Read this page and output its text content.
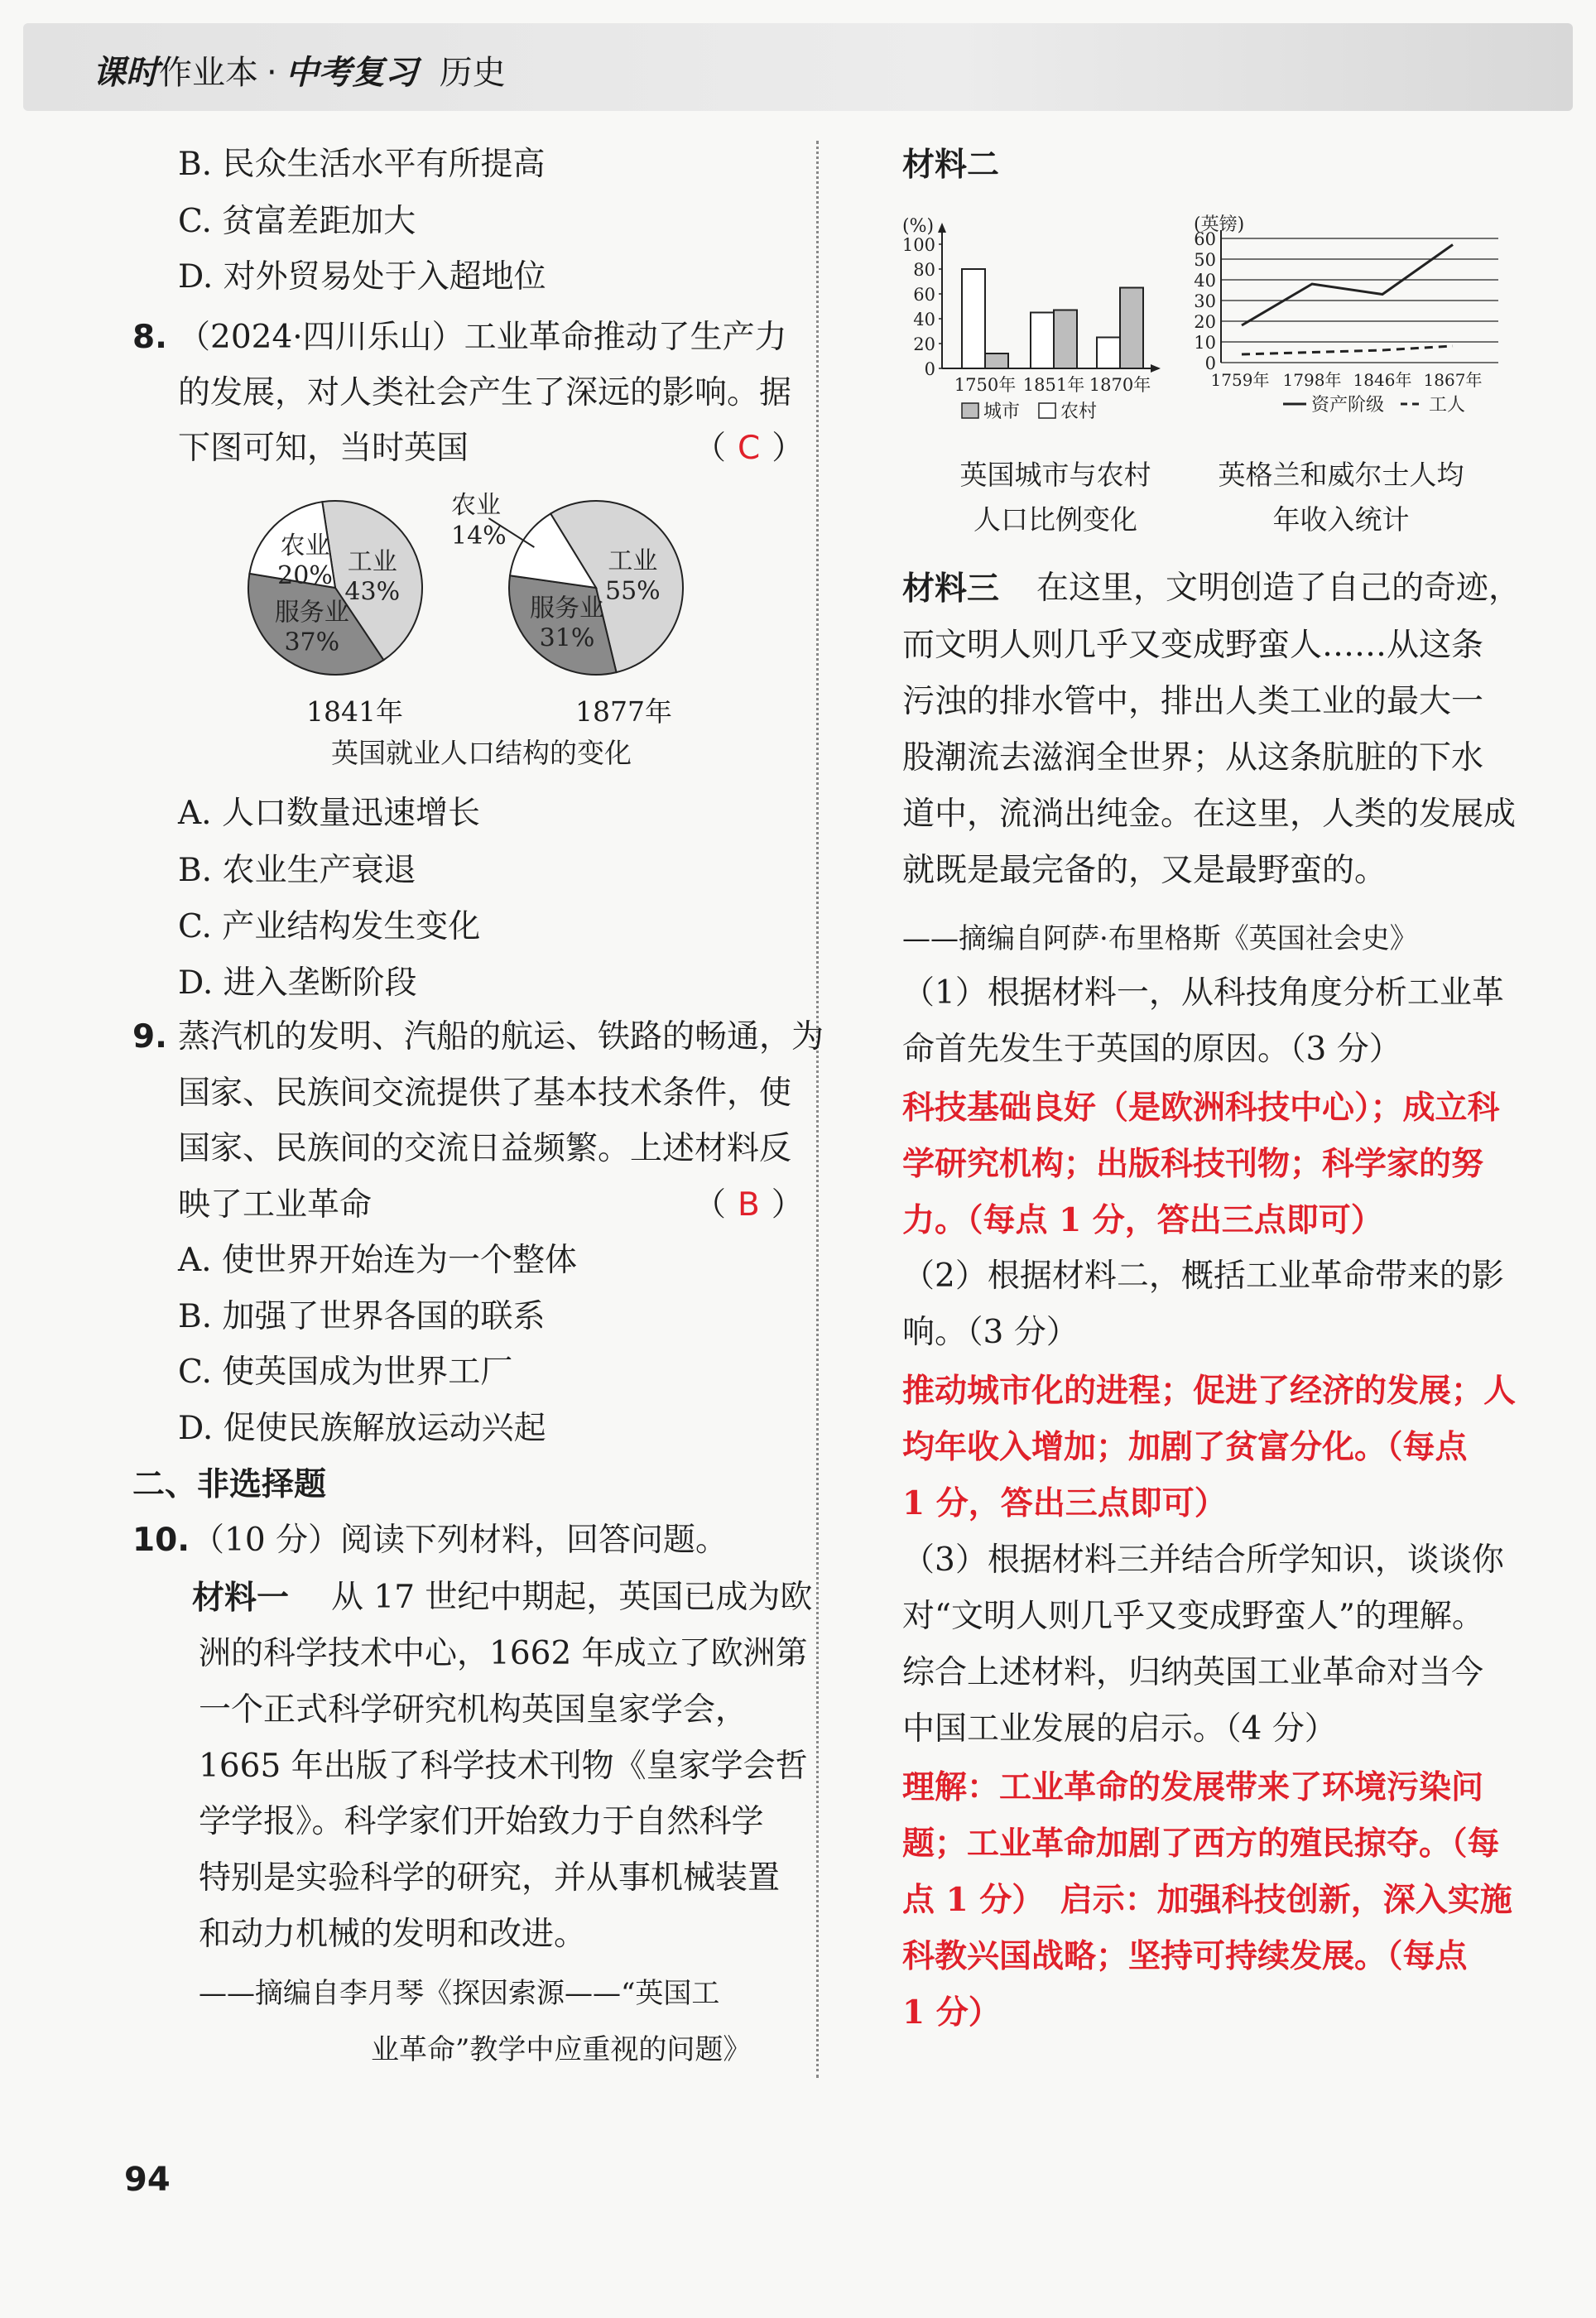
课时作业本 · 中考复习 历史
B. 民众生活水平有所提高
C. 贫富差距加大
D. 对外贸易处于入超地位
8. （2024·四川乐山）工业革命推动了生产力
的发展，对人类社会产生了深远的影响。据
下图可知，当时英国	（ C ）
工业
43%
服务业
37%
农业
20%	工业
55%
服务业
31%
农业
14%
1841年	1877年
英国就业人口结构的变化
A. 人口数量迅速增长
B. 农业生产衰退
C. 产业结构发生变化
D. 进入垄断阶段
9. 蒸汽机的发明、汽船的航运、铁路的畅通，为
国家、民族间交流提供了基本技术条件，使
国家、民族间的交流日益频繁。上述材料反
映了工业革命	（ B ）
A. 使世界开始连为一个整体
B. 加强了世界各国的联系
C. 使英国成为世界工厂
D. 促使民族解放运动兴起
二、非选择题
10. （10 分）阅读下列材料，回答问题。
材料一 从 17 世纪中期起，英国已成为欧
洲的科学技术中心，1662 年成立了欧洲第
一个正式科学研究机构英国皇家学会，
1665 年出版了科学技术刊物《皇家学会哲
学学报》。科学家们开始致力于自然科学
特别是实验科学的研究，并从事机械装置
和动力机械的发明和改进。
——摘编自李月琴《探因索源——“英国工
业革命”教学中应重视的问题》
材料二
(%)
0
20
40
60
80
100
1750年 1851年 1870年
城市 农村
(英镑)
0
10
20
30
40
50
60
1759年 1798年 1846年 1867年
资产阶级 工人
英国城市与农村
人口比例变化
英格兰和威尔士人均
年收入统计
材料三 在这里，文明创造了自己的奇迹，
而文明人则几乎又变成野蛮人……从这条
污浊的排水管中，排出人类工业的最大一
股潮流去滋润全世界；从这条肮脏的下水
道中，流淌出纯金。在这里，人类的发展成
就既是最完备的，又是最野蛮的。
——摘编自阿萨·布里格斯《英国社会史》
（1）根据材料一，从科技角度分析工业革
命首先发生于英国的原因。（3 分）
科技基础良好（是欧洲科技中心）；成立科
学研究机构；出版科技刊物；科学家的努
力。（每点 1 分，答出三点即可）
（2）根据材料二，概括工业革命带来的影
响。（3 分）
推动城市化的进程；促进了经济的发展；人
均年收入增加；加剧了贫富分化。（每点
1 分，答出三点即可）
（3）根据材料三并结合所学知识，谈谈你
对“文明人则几乎又变成野蛮人”的理解。
综合上述材料，归纳英国工业革命对当今
中国工业发展的启示。（4 分）
理解：工业革命的发展带来了环境污染问
题；工业革命加剧了西方的殖民掠夺。（每
点 1 分）　启示：加强科技创新，深入实施
科教兴国战略；坚持可持续发展。（每点
1 分）
94
